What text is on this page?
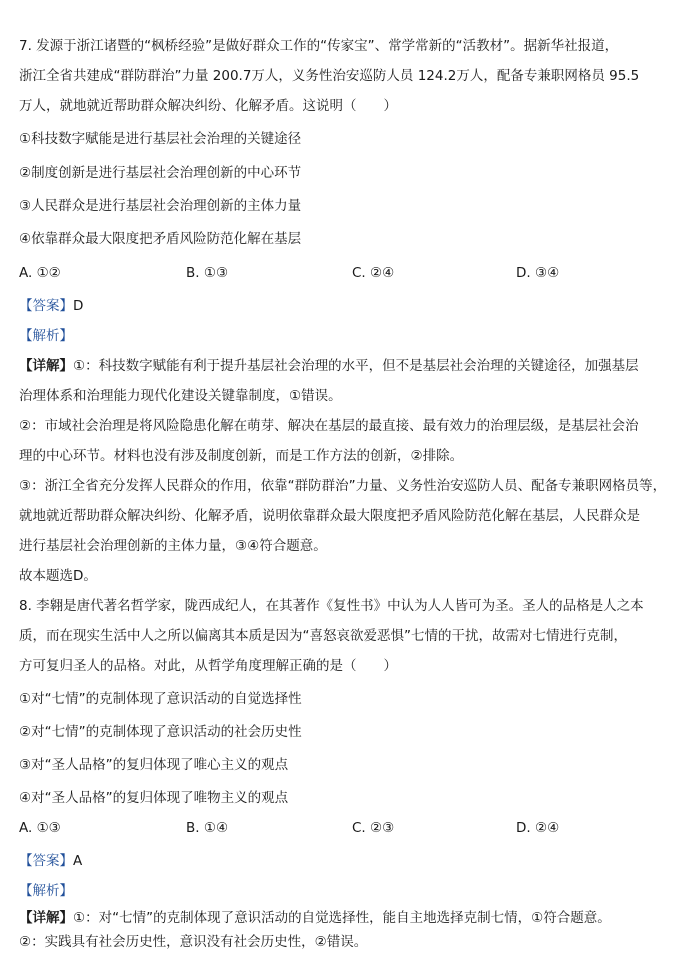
7. 发源于浙江诸暨的“枫桥经验”是做好群众工作的“传家宝”、常学常新的“活教材”。据新华社报道，
浙江全省共建成“群防群治”力量 200.7万人，义务性治安巡防人员 124.2万人，配备专兼职网格员 95.5
万人，就地就近帮助群众解决纠纷、化解矛盾。这说明（　　）
①科技数字赋能是进行基层社会治理的关键途径
②制度创新是进行基层社会治理创新的中心环节
③人民群众是进行基层社会治理创新的主体力量
④依靠群众最大限度把矛盾风险防范化解在基层
A. ①②	B. ①③	C. ②④	D. ③④
【答案】D
【解析】
【详解】①：科技数字赋能有利于提升基层社会治理的水平，但不是基层社会治理的关键途径，加强基层
治理体系和治理能力现代化建设关键靠制度，①错误。
②：市域社会治理是将风险隐患化解在萌芽、解决在基层的最直接、最有效力的治理层级，是基层社会治
理的中心环节。材料也没有涉及制度创新，而是工作方法的创新，②排除。
③：浙江全省充分发挥人民群众的作用，依靠“群防群治”力量、义务性治安巡防人员、配备专兼职网格员等，
就地就近帮助群众解决纠纷、化解矛盾，说明依靠群众最大限度把矛盾风险防范化解在基层，人民群众是
进行基层社会治理创新的主体力量，③④符合题意。
故本题选D。
8. 李翱是唐代著名哲学家，陇西成纪人，在其著作《复性书》中认为人人皆可为圣。圣人的品格是人之本
质，而在现实生活中人之所以偏离其本质是因为“喜怒哀欲爱恶惧”七情的干扰，故需对七情进行克制，
方可复归圣人的品格。对此，从哲学角度理解正确的是（　　）
①对“七情”的克制体现了意识活动的自觉选择性
②对“七情”的克制体现了意识活动的社会历史性
③对“圣人品格”的复归体现了唯心主义的观点
④对“圣人品格”的复归体现了唯物主义的观点
A. ①③	B. ①④	C. ②③	D. ②④
【答案】A
【解析】
【详解】①：对“七情”的克制体现了意识活动的自觉选择性，能自主地选择克制七情，①符合题意。
②：实践具有社会历史性，意识没有社会历史性，②错误。
